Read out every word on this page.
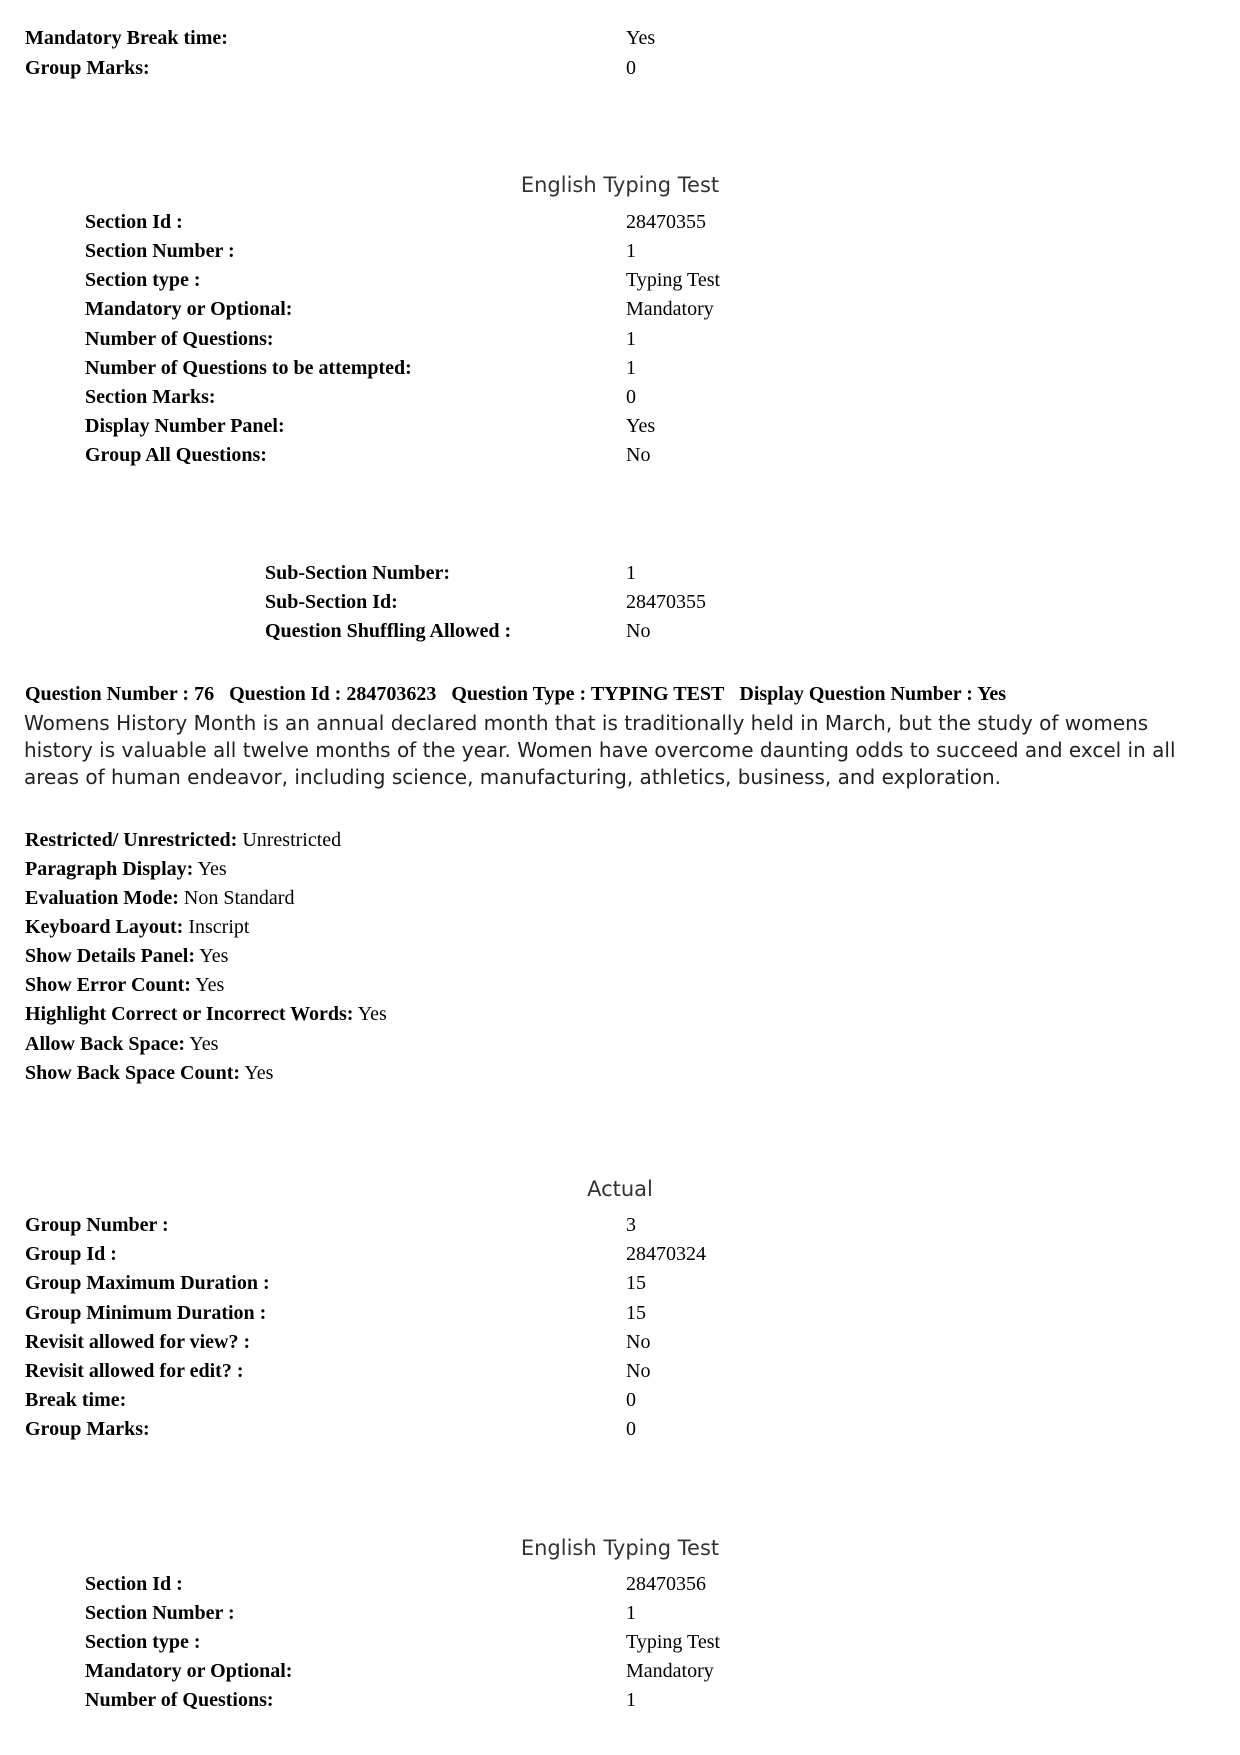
Mandatory Break time:	Yes
Group Marks:	0
English Typing Test
Section Id :	28470355
Section Number :	1
Section type :	Typing Test
Mandatory or Optional:	Mandatory
Number of Questions:	1
Number of Questions to be attempted:	1
Section Marks:	0
Display Number Panel:	Yes
Group All Questions:	No
Sub-Section Number:	1
Sub-Section Id:	28470355
Question Shuffling Allowed :	No
Question Number : 76 Question Id : 284703623 Question Type : TYPING TEST Display Question Number : Yes

Womens History Month is an annual declared month that is traditionally held in March, but the study of womens history is valuable all twelve months of the year. Women have overcome daunting odds to succeed and excel in all areas of human endeavor, including science, manufacturing, athletics, business, and exploration.

Restricted/ Unrestricted: Unrestricted
Paragraph Display: Yes
Evaluation Mode: Non Standard
Keyboard Layout: Inscript
Show Details Panel: Yes
Show Error Count: Yes
Highlight Correct or Incorrect Words: Yes
Allow Back Space: Yes
Show Back Space Count: Yes
Actual
Group Number :	3
Group Id :	28470324
Group Maximum Duration :	15
Group Minimum Duration :	15
Revisit allowed for view? :	No
Revisit allowed for edit? :	No
Break time:	0
Group Marks:	0
English Typing Test
Section Id :	28470356
Section Number :	1
Section type :	Typing Test
Mandatory or Optional:	Mandatory
Number of Questions:	1
